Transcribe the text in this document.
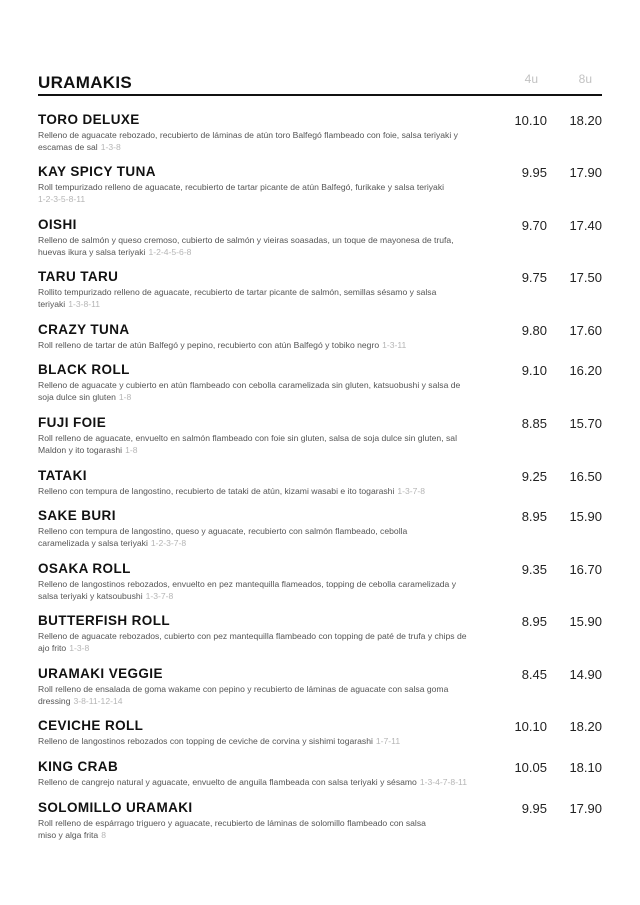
URAMAKIS	4u	8u
TORO DELUXE
Relleno de aguacate rebozado, recubierto de láminas de atún toro Balfegó flambeado con foie, salsa teriyaki y escamas de sal 1-3-8
10.10	18.20
KAY SPICY TUNA
Roll tempurizado relleno de aguacate, recubierto de tartar picante de atún Balfegó, furikake y salsa teriyaki
1-2-3-5-8-11
9.95	17.90
OISHI
Relleno de salmón y queso cremoso, cubierto de salmón y vieiras soasadas, un toque de mayonesa de trufa, huevas ikura y salsa teriyaki 1-2-4-5-6-8
9.70	17.40
TARU TARU
Rollito tempurizado relleno de aguacate, recubierto de tartar picante de salmón, semillas sésamo y salsa teriyaki 1-3-8-11
9.75	17.50
CRAZY TUNA
Roll relleno de tartar de atún Balfegó y pepino, recubierto con atún Balfegó y tobiko negro 1-3-11
9.80	17.60
BLACK ROLL
Relleno de aguacate y cubierto en atún flambeado con cebolla caramelizada sin gluten, katsuobushi y salsa de soja dulce sin gluten 1-8
9.10	16.20
FUJI FOIE
Roll relleno de aguacate, envuelto en salmón flambeado con foie sin gluten, salsa de soja dulce sin gluten, sal Maldon y ito togarashi 1-8
8.85	15.70
TATAKI
Relleno con tempura de langostino, recubierto de tataki de atún, kizami wasabi e ito togarashi 1-3-7-8
9.25	16.50
SAKE BURI
Relleno con tempura de langostino, queso y aguacate, recubierto con salmón flambeado, cebolla caramelizada y salsa teriyaki 1-2-3-7-8
8.95	15.90
OSAKA ROLL
Relleno de langostinos rebozados, envuelto en pez mantequilla flameados, topping de cebolla caramelizada y salsa teriyaki y katsoubushi 1-3-7-8
9.35	16.70
BUTTERFISH ROLL
Relleno de aguacate rebozados, cubierto con pez mantequilla flambeado con topping de paté de trufa y chips de ajo frito 1-3-8
8.95	15.90
URAMAKI VEGGIE
Roll relleno de ensalada de goma wakame con pepino y recubierto de láminas de aguacate con salsa goma dressing 3-8-11-12-14
8.45	14.90
CEVICHE ROLL
Relleno de langostinos rebozados con topping de ceviche de corvina y sishimi togarashi 1-7-11
10.10	18.20
KING CRAB
Relleno de cangrejo natural y aguacate, envuelto de anguila flambeada con salsa teriyaki y sésamo 1-3-4-7-8-11
10.05	18.10
SOLOMILLO URAMAKI
Roll relleno de espárrago triguero y aguacate, recubierto de láminas de solomillo flambeado con salsa miso y alga frita 8
9.95	17.90
